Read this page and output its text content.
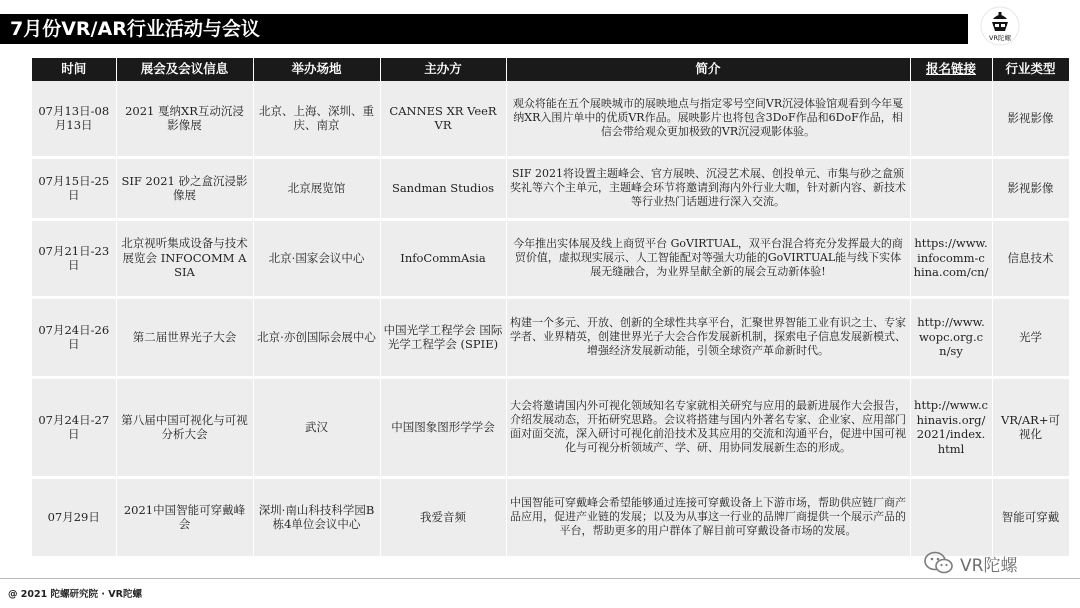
7月份VR/AR行业活动与会议	VR陀螺
时间	展会及会议信息	举办场地	主办方	简介	报名链接	行业类型
07月13日-08月13日	2021 戛纳XR互动沉浸影像展	北京、上海、深圳、重庆、南京	CANNES XR VeeR VR	观众将能在五个展映城市的展映地点与指定零号空间VR沉浸体验馆观看到今年戛纳XR入围片单中的优质VR作品。展映影片也将包含3DoF作品和6DoF作品，相信会带给观众更加极致的VR沉浸观影体验。		影视影像
07月15日-25日	SIF 2021 砂之盒沉浸影像展	北京展览馆	Sandman Studios	SIF 2021将设置主题峰会、官方展映、沉浸艺术展、创投单元、市集与砂之盒颁奖礼等六个主单元，主题峰会环节将邀请到海内外行业大咖，针对新内容、新技术等行业热门话题进行深入交流。		影视影像
07月21日-23日	北京视听集成设备与技术展览会 INFOCOMM ASIA	北京·国家会议中心	InfoCommAsia	今年推出实体展及线上商贸平台 GoVIRTUAL，双平台混合将充分发挥最大的商贸价值，虚拟现实展示、人工智能配对等强大功能的GoVIRTUAL能与线下实体展无缝融合，为业界呈献全新的展会互动新体验!	https://www.infocomm-china.com/cn/	信息技术
07月24日-26日	第二届世界光子大会	北京·亦创国际会展中心	中国光学工程学会 国际光学工程学会 (SPIE)	构建一个多元、开放、创新的全球性共享平台，汇聚世界智能工业有识之士、专家学者、业界精英，创建世界光子大会合作发展新机制，探索电子信息发展新模式、增强经济发展新动能，引领全球资产革命新时代。	http://www.wopc.org.cn/sy	光学
07月24日-27日	第八届中国可视化与可视分析大会	武汉	中国图象图形学学会	大会将邀请国内外可视化领域知名专家就相关研究与应用的最新进展作大会报告，介绍发展动态，开拓研究思路。会议将搭建与国内外著名专家、企业家、应用部门面对面交流，深入研讨可视化前沿技术及其应用的交流和沟通平台，促进中国可视化与可视分析领域产、学、研、用协同发展新生态的形成。	http://www.chinavis.org/2021/index.html	VR/AR+可视化
07月29日	2021中国智能可穿戴峰会	深圳·南山科技科学园B栋4单位会议中心	我爱音频	中国智能可穿戴峰会希望能够通过连接可穿戴设备上下游市场，帮助供应链厂商产品应用，促进产业链的发展；以及为从事这一行业的品牌厂商提供一个展示产品的平台，帮助更多的用户群体了解目前可穿戴设备市场的发展。		智能可穿戴
VR陀螺
@ 2021 陀螺研究院 · VR陀螺
